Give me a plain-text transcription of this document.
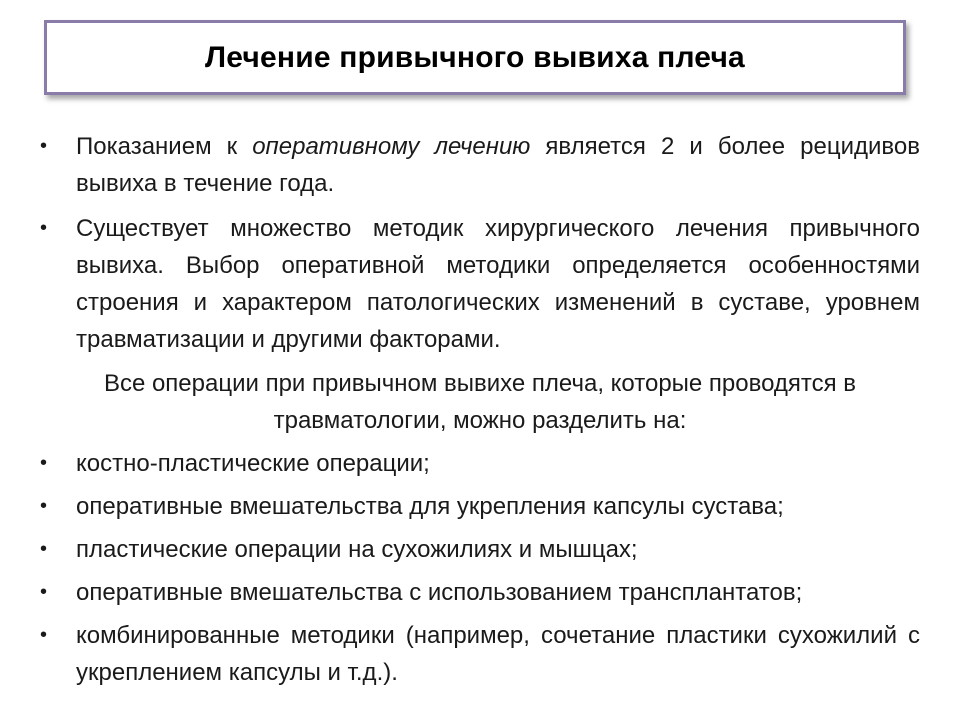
Лечение привычного вывиха плеча
•	Показанием к оперативному лечению является 2 и более рецидивов вывиха в течение года.
•	Существует множество методик хирургического лечения привычного вывиха. Выбор оперативной методики определяется особенностями строения и характером патологических изменений в суставе, уровнем травматизации и другими факторами.
Все операции при привычном вывихе плеча, которые проводятся в травматологии, можно разделить на:
•	костно-пластические операции;
•	оперативные вмешательства для укрепления капсулы сустава;
•	пластические операции на сухожилиях и мышцах;
•	оперативные вмешательства с использованием трансплантатов;
•	комбинированные методики (например, сочетание пластики сухожилий с укреплением капсулы и т.д.).
